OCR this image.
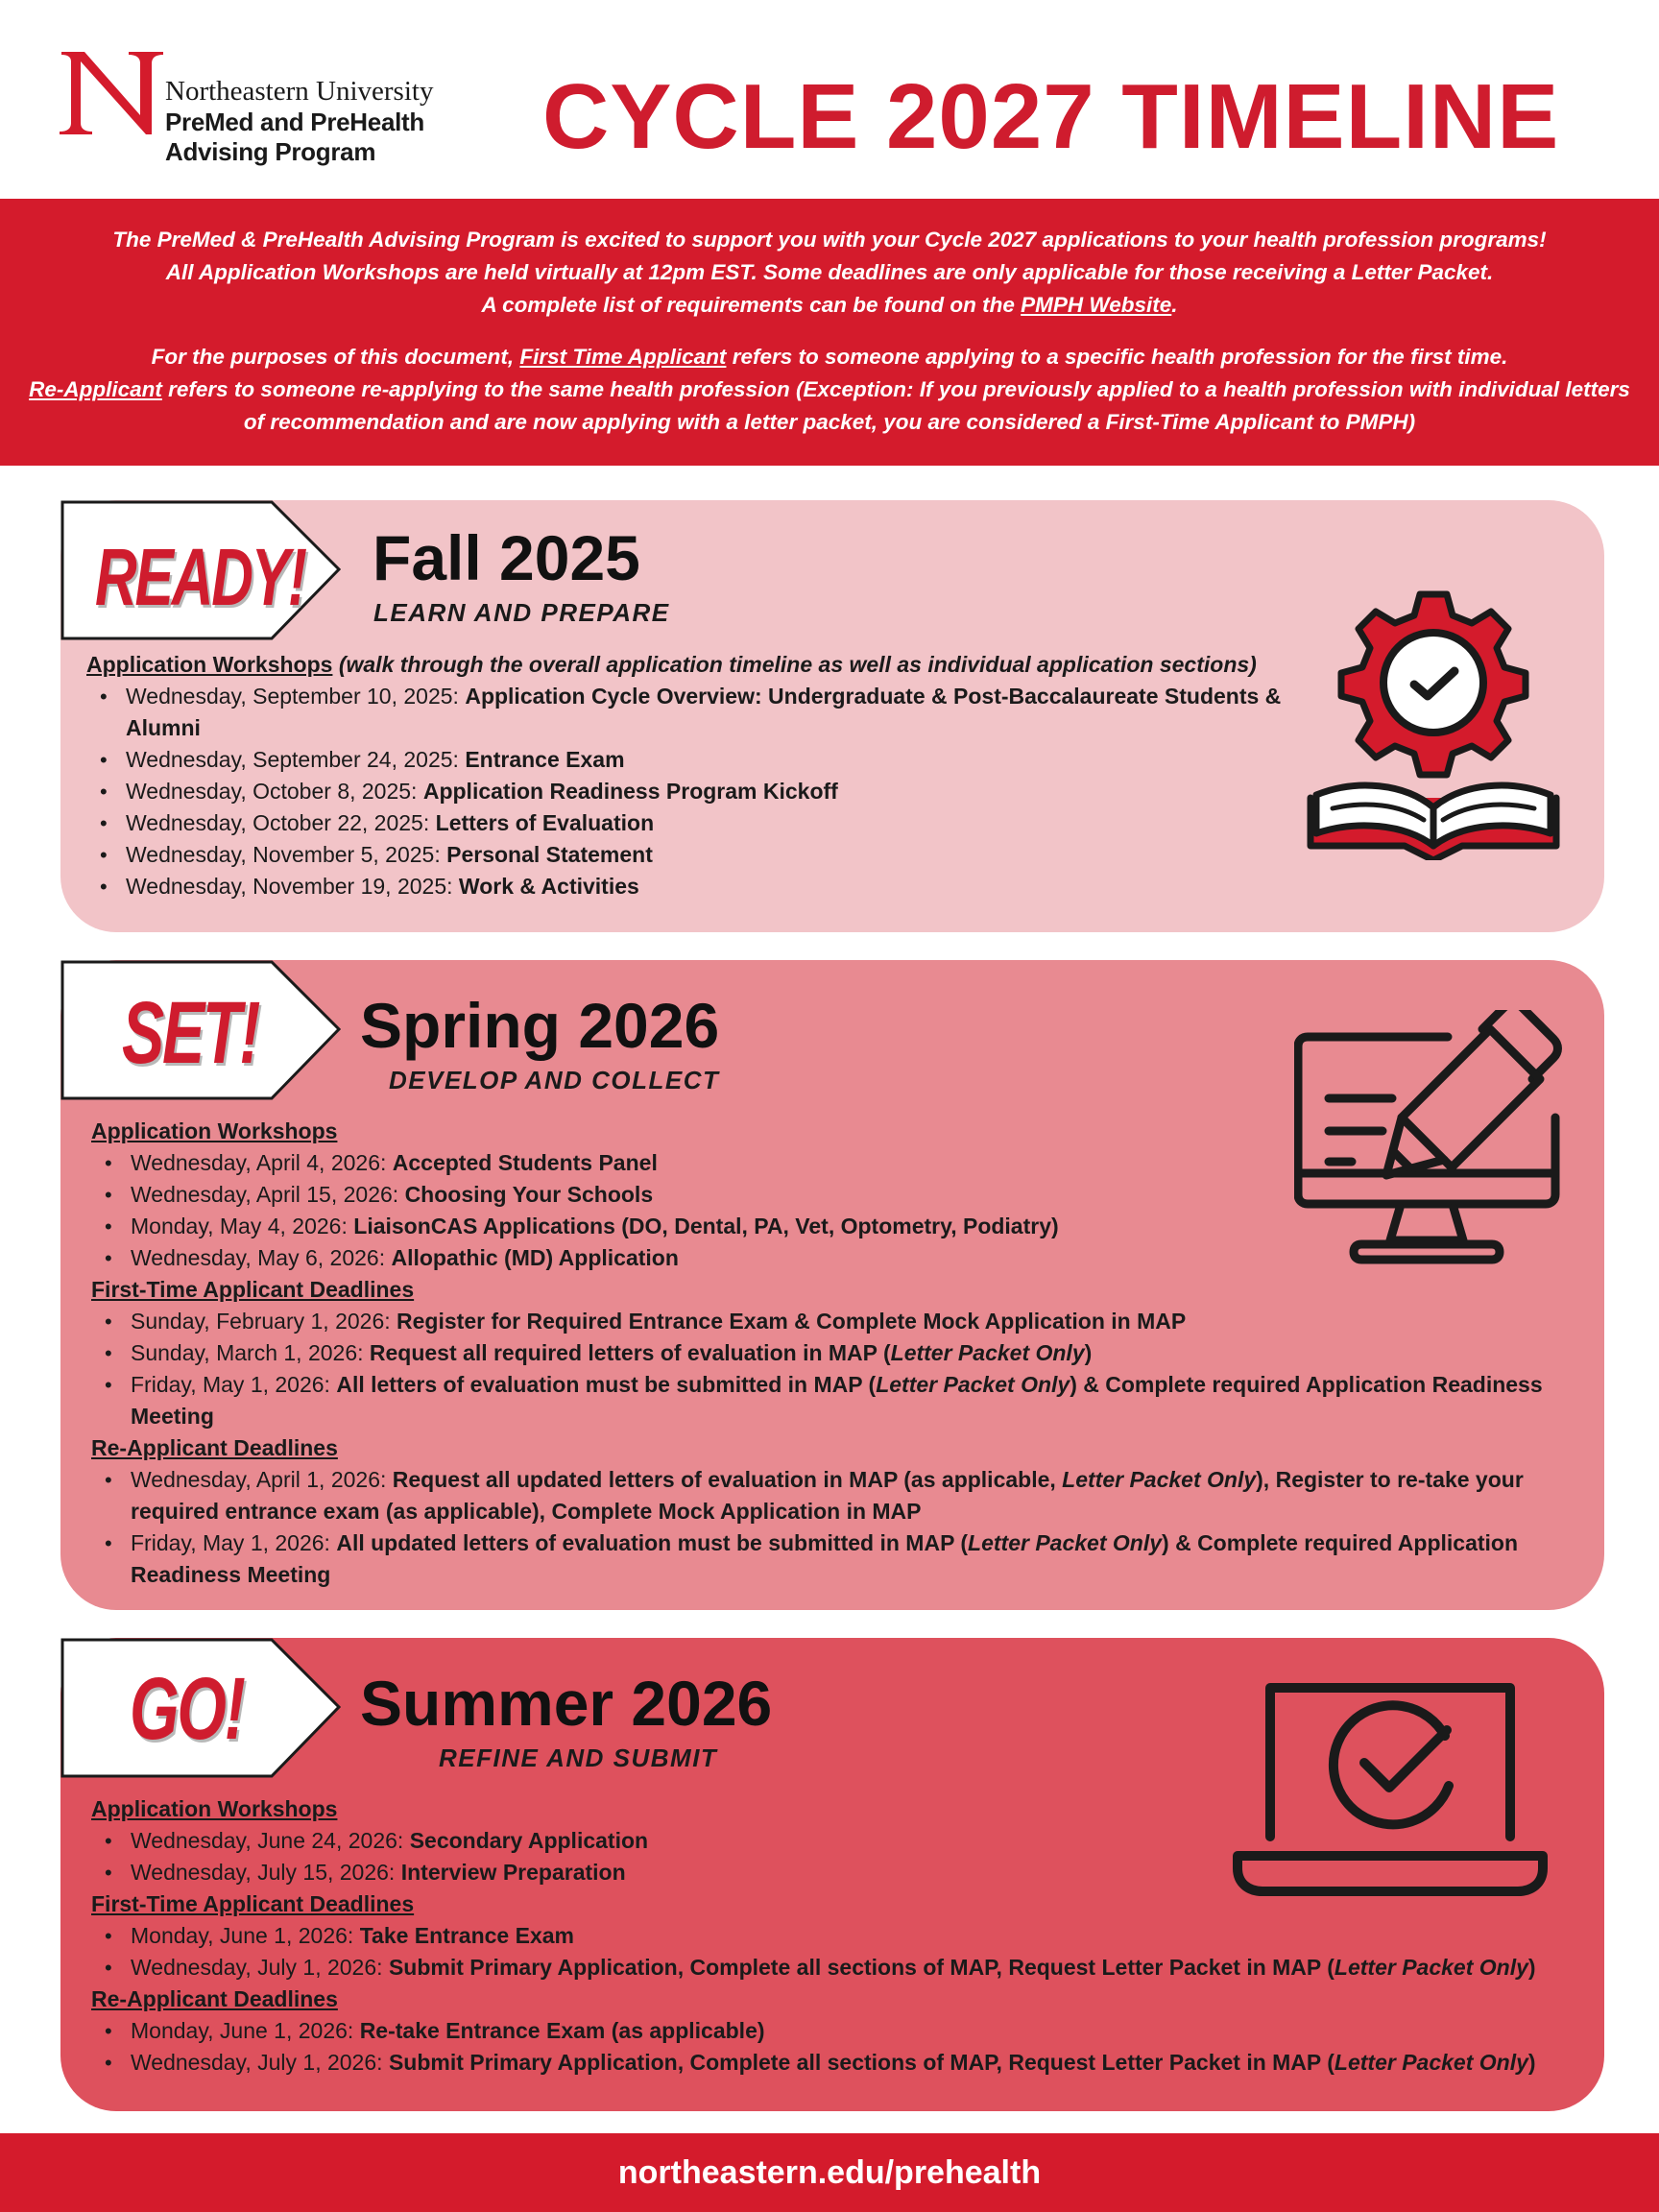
Northeastern University
PreMed and PreHealth
Advising Program	CYCLE 2027 TIMELINE

The PreMed & PreHealth Advising Program is excited to support you with your Cycle 2027 applications to your health profession programs!

All Application Workshops are held virtually at 12pm EST. Some deadlines are only applicable for those receiving a Letter Packet.

A complete list of requirements can be found on the PMPH Website.

For the purposes of this document, First Time Applicant refers to someone applying to a specific health profession for the first time.

Re-Applicant refers to someone re-applying to the same health profession (Exception: If you previously applied to a health profession with individual letters

of recommendation and are now applying with a letter packet, you are considered a First-Time Applicant to PMPH)

READY! Fall 2025
LEARN AND PREPARE
Application Workshops (walk through the overall application timeline as well as individual application sections)
• Wednesday, September 10, 2025: Application Cycle Overview: Undergraduate & Post-Baccalaureate Students & Alumni
• Wednesday, September 24, 2025: Entrance Exam
• Wednesday, October 8, 2025: Application Readiness Program Kickoff
• Wednesday, October 22, 2025: Letters of Evaluation
• Wednesday, November 5, 2025: Personal Statement
• Wednesday, November 19, 2025: Work & Activities
SET! Spring 2026
DEVELOP AND COLLECT
Application Workshops
• Wednesday, April 4, 2026: Accepted Students Panel
• Wednesday, April 15, 2026: Choosing Your Schools
• Monday, May 4, 2026: LiaisonCAS Applications (DO, Dental, PA, Vet, Optometry, Podiatry)
• Wednesday, May 6, 2026: Allopathic (MD) Application
First-Time Applicant Deadlines
• Sunday, February 1, 2026: Register for Required Entrance Exam & Complete Mock Application in MAP
• Sunday, March 1, 2026: Request all required letters of evaluation in MAP (Letter Packet Only)
• Friday, May 1, 2026: All letters of evaluation must be submitted in MAP (Letter Packet Only) & Complete required Application Readiness Meeting
Re-Applicant Deadlines
• Wednesday, April 1, 2026: Request all updated letters of evaluation in MAP (as applicable, Letter Packet Only), Register to re-take your required entrance exam (as applicable), Complete Mock Application in MAP
• Friday, May 1, 2026: All updated letters of evaluation must be submitted in MAP (Letter Packet Only) & Complete required Application Readiness Meeting
GO! Summer 2026
REFINE AND SUBMIT
Application Workshops
• Wednesday, June 24, 2026: Secondary Application
• Wednesday, July 15, 2026: Interview Preparation
First-Time Applicant Deadlines
• Monday, June 1, 2026: Take Entrance Exam
• Wednesday, July 1, 2026: Submit Primary Application, Complete all sections of MAP, Request Letter Packet in MAP (Letter Packet Only)
Re-Applicant Deadlines
• Monday, June 1, 2026: Re-take Entrance Exam (as applicable)
• Wednesday, July 1, 2026: Submit Primary Application, Complete all sections of MAP, Request Letter Packet in MAP (Letter Packet Only)
northeastern.edu/prehealth
